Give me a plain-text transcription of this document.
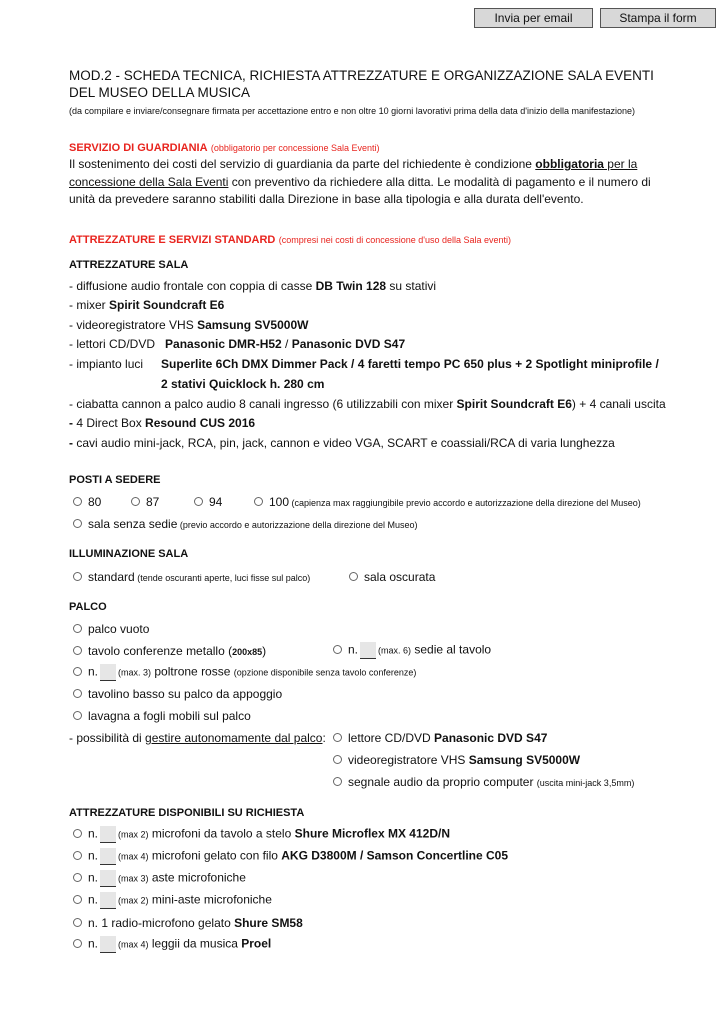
Invia per email	Stampa il form
MOD.2 - SCHEDA TECNICA, RICHIESTA ATTREZZATURE E ORGANIZZAZIONE SALA EVENTI DEL MUSEO DELLA MUSICA
(da compilare e inviare/consegnare firmata per accettazione entro e non oltre 10 giorni lavorativi prima della data d'inizio della manifestazione)
SERVIZIO DI GUARDIANIA (obbligatorio per concessione Sala Eventi)
Il sostenimento dei costi del servizio di guardiania da parte del richiedente è condizione obbligatoria per la concessione della Sala Eventi con preventivo da richiedere alla ditta. Le modalità di pagamento e il numero di unità da prevedere saranno stabiliti dalla Direzione in base alla tipologia e alla durata dell'evento.
ATTREZZATURE E SERVIZI STANDARD (compresi nei costi di concessione d'uso della Sala eventi)
ATTREZZATURE SALA
- diffusione audio frontale con coppia di casse DB Twin 128 su stativi
- mixer Spirit Soundcraft E6
- videoregistratore VHS Samsung SV5000W
- lettori CD/DVD Panasonic DMR-H52 / Panasonic DVD S47
- impianto luci Superlite 6Ch DMX Dimmer Pack / 4 faretti tempo PC 650 plus + 2 Spotlight miniprofile /
2 stativi Quicklock h. 280 cm
- ciabatta cannon a palco audio 8 canali ingresso (6 utilizzabili con mixer Spirit Soundcraft E6) + 4 canali uscita
- 4 Direct Box Resound CUS 2016
- cavi audio mini-jack, RCA, pin, jack, cannon e video VGA, SCART e coassiali/RCA di varia lunghezza
POSTI A SEDERE
80	87	94	100 (capienza max raggiungibile previo accordo e autorizzazione della direzione del Museo)
sala senza sedie (previo accordo e autorizzazione della direzione del Museo)
ILLUMINAZIONE SALA
standard (tende oscuranti aperte, luci fisse sul palco)	sala oscurata
PALCO
palco vuoto
tavolo conferenze metallo (200x85)	n. (max. 6) sedie al tavolo
n. (max. 3) poltrone rosse (opzione disponibile senza tavolo conferenze)
tavolino basso su palco da appoggio
lavagna a fogli mobili sul palco
- possibilità di gestire autonomamente dal palco:	lettore CD/DVD Panasonic DVD S47
videoregistratore VHS Samsung SV5000W
segnale audio da proprio computer (uscita mini-jack 3,5mm)
ATTREZZATURE DISPONIBILI SU RICHIESTA
n. (max 2) microfoni da tavolo a stelo Shure Microflex MX 412D/N
n. (max 4) microfoni gelato con filo AKG D3800M / Samson Concertline C05
n. (max 3) aste microfoniche
n. (max 2) mini-aste microfoniche
n. 1 radio-microfono gelato Shure SM58
n. (max 4) leggii da musica Proel
